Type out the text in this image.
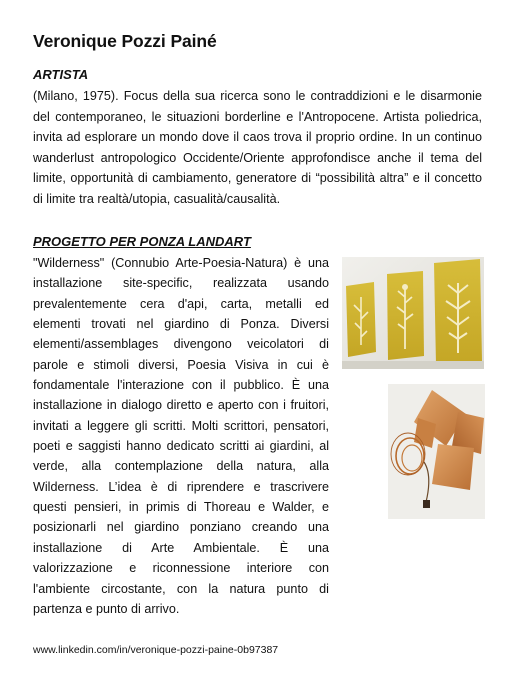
Veronique Pozzi Painé

ARTISTA

(Milano, 1975). Focus della sua ricerca sono le contraddizioni e le disarmonie del contemporaneo, le situazioni borderline e l'Antropocene. Artista poliedrica, invita ad esplorare un mondo dove il caos trova il proprio ordine. In un continuo wanderlust antropologico Occidente/Oriente approfondisce anche il tema del limite, opportunità di cambiamento, generatore di “possibilità altra” e il concetto di limite tra realtà/utopia, casualità/causalità.

PROGETTO PER PONZA LANDART

"Wilderness" (Connubio Arte-Poesia-Natura) è una installazione site-specific, realizzata usando prevalentemente cera d'api, carta, metalli ed elementi trovati nel giardino di Ponza. Diversi elementi/assemblages divengono veicolatori di parole e stimoli diversi, Poesia Visiva in cui è fondamentale l'interazione con il pubblico. È una installazione in dialogo diretto e aperto con i fruitori, invitati a leggere gli scritti. Molti scrittori, pensatori, poeti e saggisti hanno dedicato scritti ai giardini, al verde, alla contemplazione della natura, alla Wilderness. L’idea è di riprendere e trascrivere questi pensieri, in primis di Thoreau e Walder, e posizionarli nel giardino ponziano creando una installazione di Arte Ambientale. È una valorizzazione e riconnessione interiore con l'ambiente circostante, con la natura punto di partenza e punto di arrivo.

www.linkedin.com/in/veronique-pozzi-paine-0b97387
